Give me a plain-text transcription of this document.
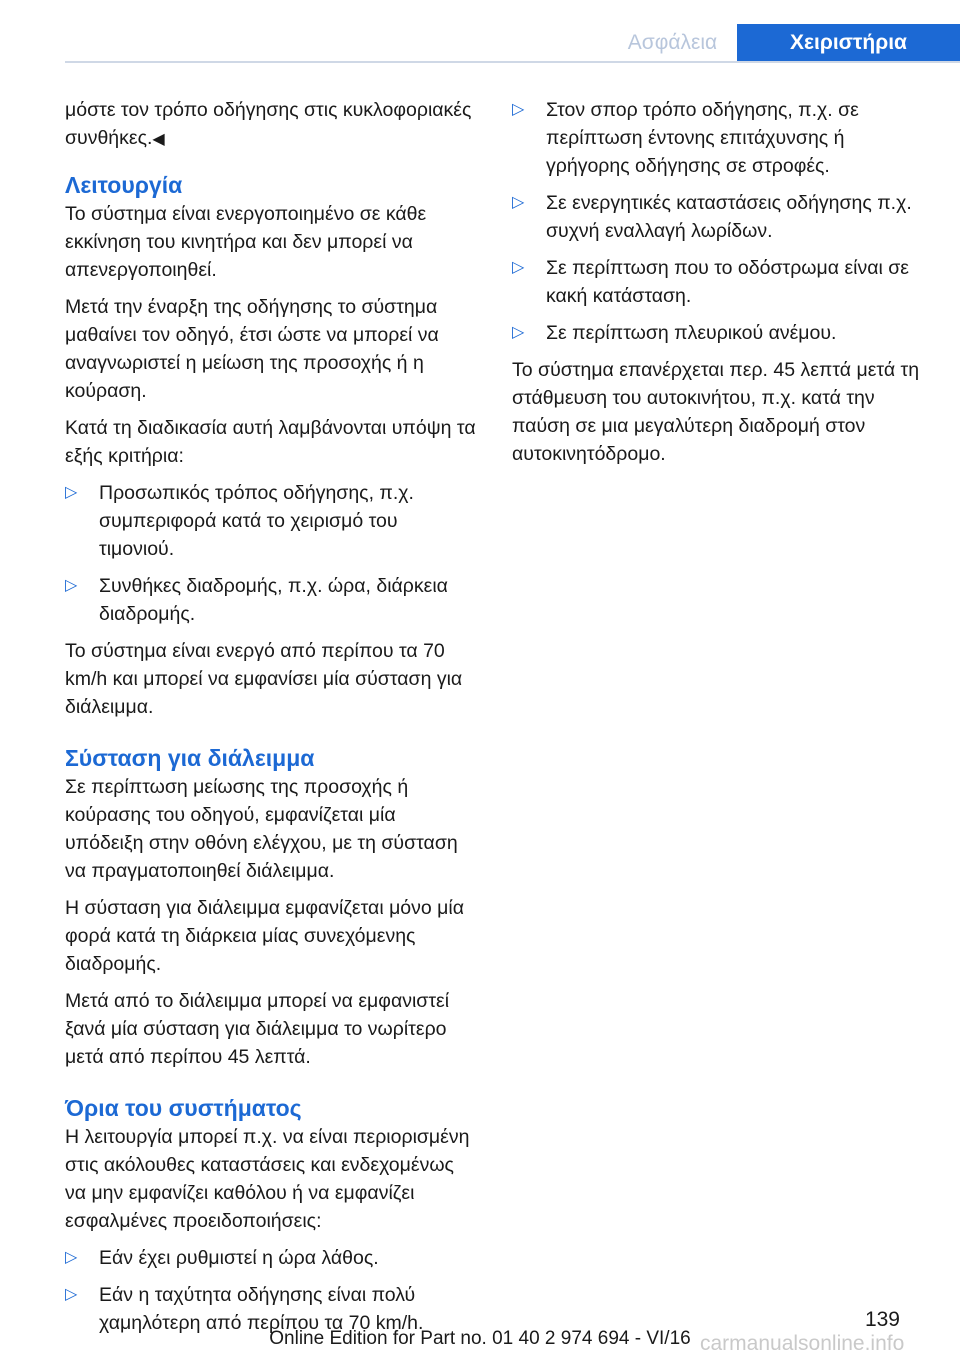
Ασφάλεια	Χειριστήρια

μόστε τον τρόπο οδήγησης στις κυκλοφοριακές συνθήκες.◀

Λειτουργία

Το σύστημα είναι ενεργοποιημένο σε κάθε εκκίνηση του κινητήρα και δεν μπορεί να απενεργοποιηθεί.

Μετά την έναρξη της οδήγησης το σύστημα μαθαίνει τον οδηγό, έτσι ώστε να μπορεί να αναγνωριστεί η μείωση της προσοχής ή η κούραση.

Κατά τη διαδικασία αυτή λαμβάνονται υπόψη τα εξής κριτήρια:

▷ Προσωπικός τρόπος οδήγησης, π.χ. συμπεριφορά κατά το χειρισμό του τιμονιού.
▷ Συνθήκες διαδρομής, π.χ. ώρα, διάρκεια διαδρομής.

Το σύστημα είναι ενεργό από περίπου τα 70 km/h και μπορεί να εμφανίσει μία σύσταση για διάλειμμα.

Σύσταση για διάλειμμα

Σε περίπτωση μείωσης της προσοχής ή κούρασης του οδηγού, εμφανίζεται μία υπόδειξη στην οθόνη ελέγχου, με τη σύσταση να πραγματοποιηθεί διάλειμμα.

Η σύσταση για διάλειμμα εμφανίζεται μόνο μία φορά κατά τη διάρκεια μίας συνεχόμενης διαδρομής.

Μετά από το διάλειμμα μπορεί να εμφανιστεί ξανά μία σύσταση για διάλειμμα το νωρίτερο μετά από περίπου 45 λεπτά.

Όρια του συστήματος

Η λειτουργία μπορεί π.χ. να είναι περιορισμένη στις ακόλουθες καταστάσεις και ενδεχομένως να μην εμφανίζει καθόλου ή να εμφανίζει εσφαλμένες προειδοποιήσεις:

▷ Εάν έχει ρυθμιστεί η ώρα λάθος.
▷ Εάν η ταχύτητα οδήγησης είναι πολύ χαμηλότερη από περίπου τα 70 km/h.
▷ Στον σπορ τρόπο οδήγησης, π.χ. σε περίπτωση έντονης επιτάχυνσης ή γρήγορης οδήγησης σε στροφές.
▷ Σε ενεργητικές καταστάσεις οδήγησης π.χ. συχνή εναλλαγή λωρίδων.
▷ Σε περίπτωση που το οδόστρωμα είναι σε κακή κατάσταση.
▷ Σε περίπτωση πλευρικού ανέμου.

Το σύστημα επανέρχεται περ. 45 λεπτά μετά τη στάθμευση του αυτοκινήτου, π.χ. κατά την παύση σε μια μεγαλύτερη διαδρομή στον αυτοκινητόδρομο.

139
Online Edition for Part no. 01 40 2 974 694 - VI/16 carmanualsonline.info
